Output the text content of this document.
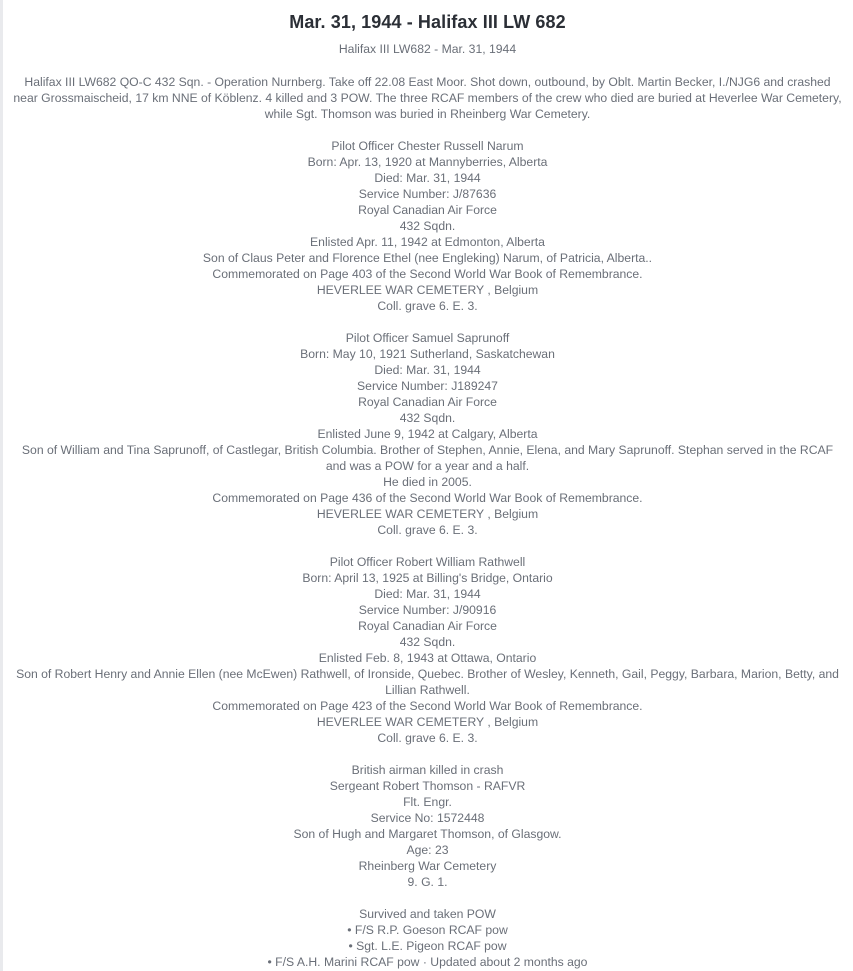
Mar. 31, 1944 - Halifax III LW 682
Halifax III LW682 - Mar. 31, 1944
Halifax III LW682 QO-C 432 Sqn. - Operation Nurnberg. Take off 22.08 East Moor. Shot down, outbound, by Oblt. Martin Becker, I./NJG6 and crashed
near Grossmaischeid, 17 km NNE of Köblenz. 4 killed and 3 POW. The three RCAF members of the crew who died are buried at Heverlee War Cemetery,
while Sgt. Thomson was buried in Rheinberg War Cemetery.
Pilot Officer Chester Russell Narum
Born: Apr. 13, 1920 at Mannyberries, Alberta
Died: Mar. 31, 1944
Service Number: J/87636
Royal Canadian Air Force
432 Sqdn.
Enlisted Apr. 11, 1942 at Edmonton, Alberta
Son of Claus Peter and Florence Ethel (nee Engleking) Narum, of Patricia, Alberta..
Commemorated on Page 403 of the Second World War Book of Remembrance.
HEVERLEE WAR CEMETERY , Belgium
Coll. grave 6. E. 3.
Pilot Officer Samuel Saprunoff
Born: May 10, 1921 Sutherland, Saskatchewan
Died: Mar. 31, 1944
Service Number: J189247
Royal Canadian Air Force
432 Sqdn.
Enlisted June 9, 1942 at Calgary, Alberta
Son of William and Tina Saprunoff, of Castlegar, British Columbia. Brother of Stephen, Annie, Elena, and Mary Saprunoff. Stephan served in the RCAF
and was a POW for a year and a half.
He died in 2005.
Commemorated on Page 436 of the Second World War Book of Remembrance.
HEVERLEE WAR CEMETERY , Belgium
Coll. grave 6. E. 3.
Pilot Officer Robert William Rathwell
Born: April 13, 1925 at Billing's Bridge, Ontario
Died: Mar. 31, 1944
Service Number: J/90916
Royal Canadian Air Force
432 Sqdn.
Enlisted Feb. 8, 1943 at Ottawa, Ontario
Son of Robert Henry and Annie Ellen (nee McEwen) Rathwell, of Ironside, Quebec. Brother of Wesley, Kenneth, Gail, Peggy, Barbara, Marion, Betty, and
Lillian Rathwell.
Commemorated on Page 423 of the Second World War Book of Remembrance.
HEVERLEE WAR CEMETERY , Belgium
Coll. grave 6. E. 3.
British airman killed in crash
Sergeant Robert Thomson - RAFVR
Flt. Engr.
Service No: 1572448
Son of Hugh and Margaret Thomson, of Glasgow.
Age: 23
Rheinberg War Cemetery
9. G. 1.
Survived and taken POW
• F/S R.P. Goeson RCAF pow
• Sgt. L.E. Pigeon RCAF pow
• F/S A.H. Marini RCAF pow · Updated about 2 months ago
